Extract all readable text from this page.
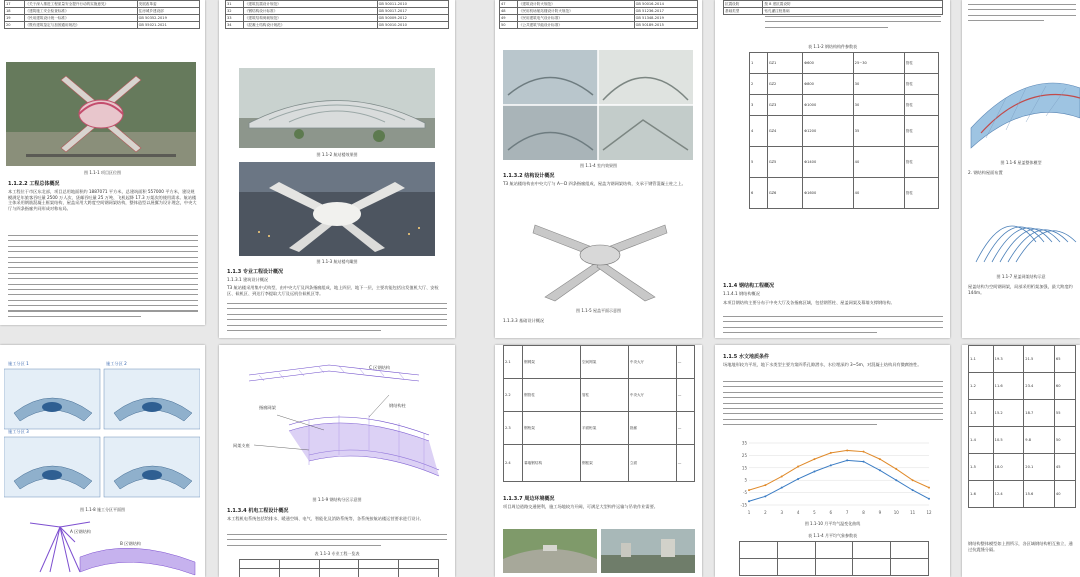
17	《关于深入推进工程质量安全提升行动的实施意见》	发展改革委
18	《建筑施工安全检查标准》	住房城乡建设部
19	《民用建筑设计统一标准》	GB 50352-2019
20	《既有建筑鉴定与加固通用规范》	GB 55021-2021
图 1.1-1 项目区位图
1.1.2.2 工程总体概况
本工程位于市区东北部，项目总用地面积约 1887071 平方米，总建筑面积 557000 平方米，建设规模满足年旅客吞吐量 2500 万人次、货邮吞吐量 25 万吨、飞机起降 17.3 万架次的使用需求。航站楼主体采用钢筋混凝土框架结构，屋盖采用大跨度空间钢网架结构，整体造型以展翼为设计理念，中央大厅与四条指廊共同形成对称布局。
31	《建筑抗震设计规范》	GB 50011-2010
32	《钢结构设计标准》	GB 50017-2017
33	《建筑结构荷载规范》	GB 50009-2012
34	《混凝土结构设计规范》	GB 50010-2010
图 1.1-2 航站楼效果图
图 1.1-3 航站楼鸟瞰图
1.1.3 专业工程设计概况
1.1.3.1 建筑设计概况
T3 航站楼采用集中式构型，由中央大厅及四条指廊组成，地上四层、地下一层，主要功能包括出发值机大厅、安检区、候机区、到达行李提取大厅及远机位候机区等。
47	《建筑设计防火规范》	GB 50016-2014
48	《民用机场航站楼设计防火规范》	GB 51236-2017
49	《民用建筑电气设计标准》	GB 51348-2019
50	《公共建筑节能设计标准》	GB 50189-2015
图 1.1-4 室内效果图
1.1.3.2 结构设计概况
T3 航站楼结构由中央大厅与 A～D 四条指廊组成，屋盖为钢网架结构，支承于钢管混凝土柱之上。
图 1.1-5 屋盖平面示意图
1.1.3.3 基础设计概况
抗震设防	按 8 度抗震设防
基础类型	钻孔灌注桩基础
表 1.1-2 钢结构构件参数表
1	GZ1	Φ600	25~30	管柱
2	GZ2	Φ800	30	管柱
3	GZ3	Φ1000	30	管柱
4	GZ4	Φ1200	35	管柱
5	GZ5	Φ1400	40	管柱
6	GZ6	Φ1600	40	管柱
1.1.4 钢结构工程概况
1.1.4.1 钢结构概况
本项目钢结构主要分布于中央大厅及各指廊区域，包括钢管柱、屋盖网架及幕墙支撑钢结构。
图 1.1-6 屋盖整体模型
2. 钢结构屋面布置
图 1.1-7 屋盖网架结构示意
屋盖结构为空间钢网架，局部采用桁架加强，最大跨度约 144m。
施工分区 1	施工分区 2
施工分区 3
图 1.1-8 施工分区平面图
A 区钢结构
B 区钢结构
C 区钢结构
指廊网架	钢结构柱
网架支座
图 1.1-9 钢结构分区示意图
1.1.3.4 机电工程设计概况
本工程机电系统包括给排水、暖通空调、电气、智能化及消防系统等，各系统按航站楼运营要求进行设计。
表 1.1-3 专业工程一览表

2.1	钢网架	空间网架	中央大厅	—
2.2	钢管柱	管柱	中央大厅	—
2.3	钢桁架	平面桁架	指廊	—
2.4	幕墙钢结构	钢框架	立面	—
1.1.3.7 周边环境概况
项目周边道路交通便利，施工场地较为开阔，可满足大型构件运输与吊装作业需要。
1.1.5 水文地质条件
场地地形较为平坦，地下水类型主要为第四系孔隙潜水，水位埋深约 3~5m，对混凝土结构具有微腐蚀性。
-15
-5
5
15
25
35
1	2	3	4	5	6	7	8	9	10	11	12
图 1.1-10 月平均气温变化曲线
表 1.1-4 月平均气象参数表

1-1	19.3	21.5	65
1-2	11.6	23.4	60
1-3	15.2	18.7	55
1-4	10.5	9.8	50
1-5	18.0	20.1	45
1-6	12.4	15.6	40
钢结构整体模型如上图所示，各区域钢结构相互独立，通过抗震缝分隔。
